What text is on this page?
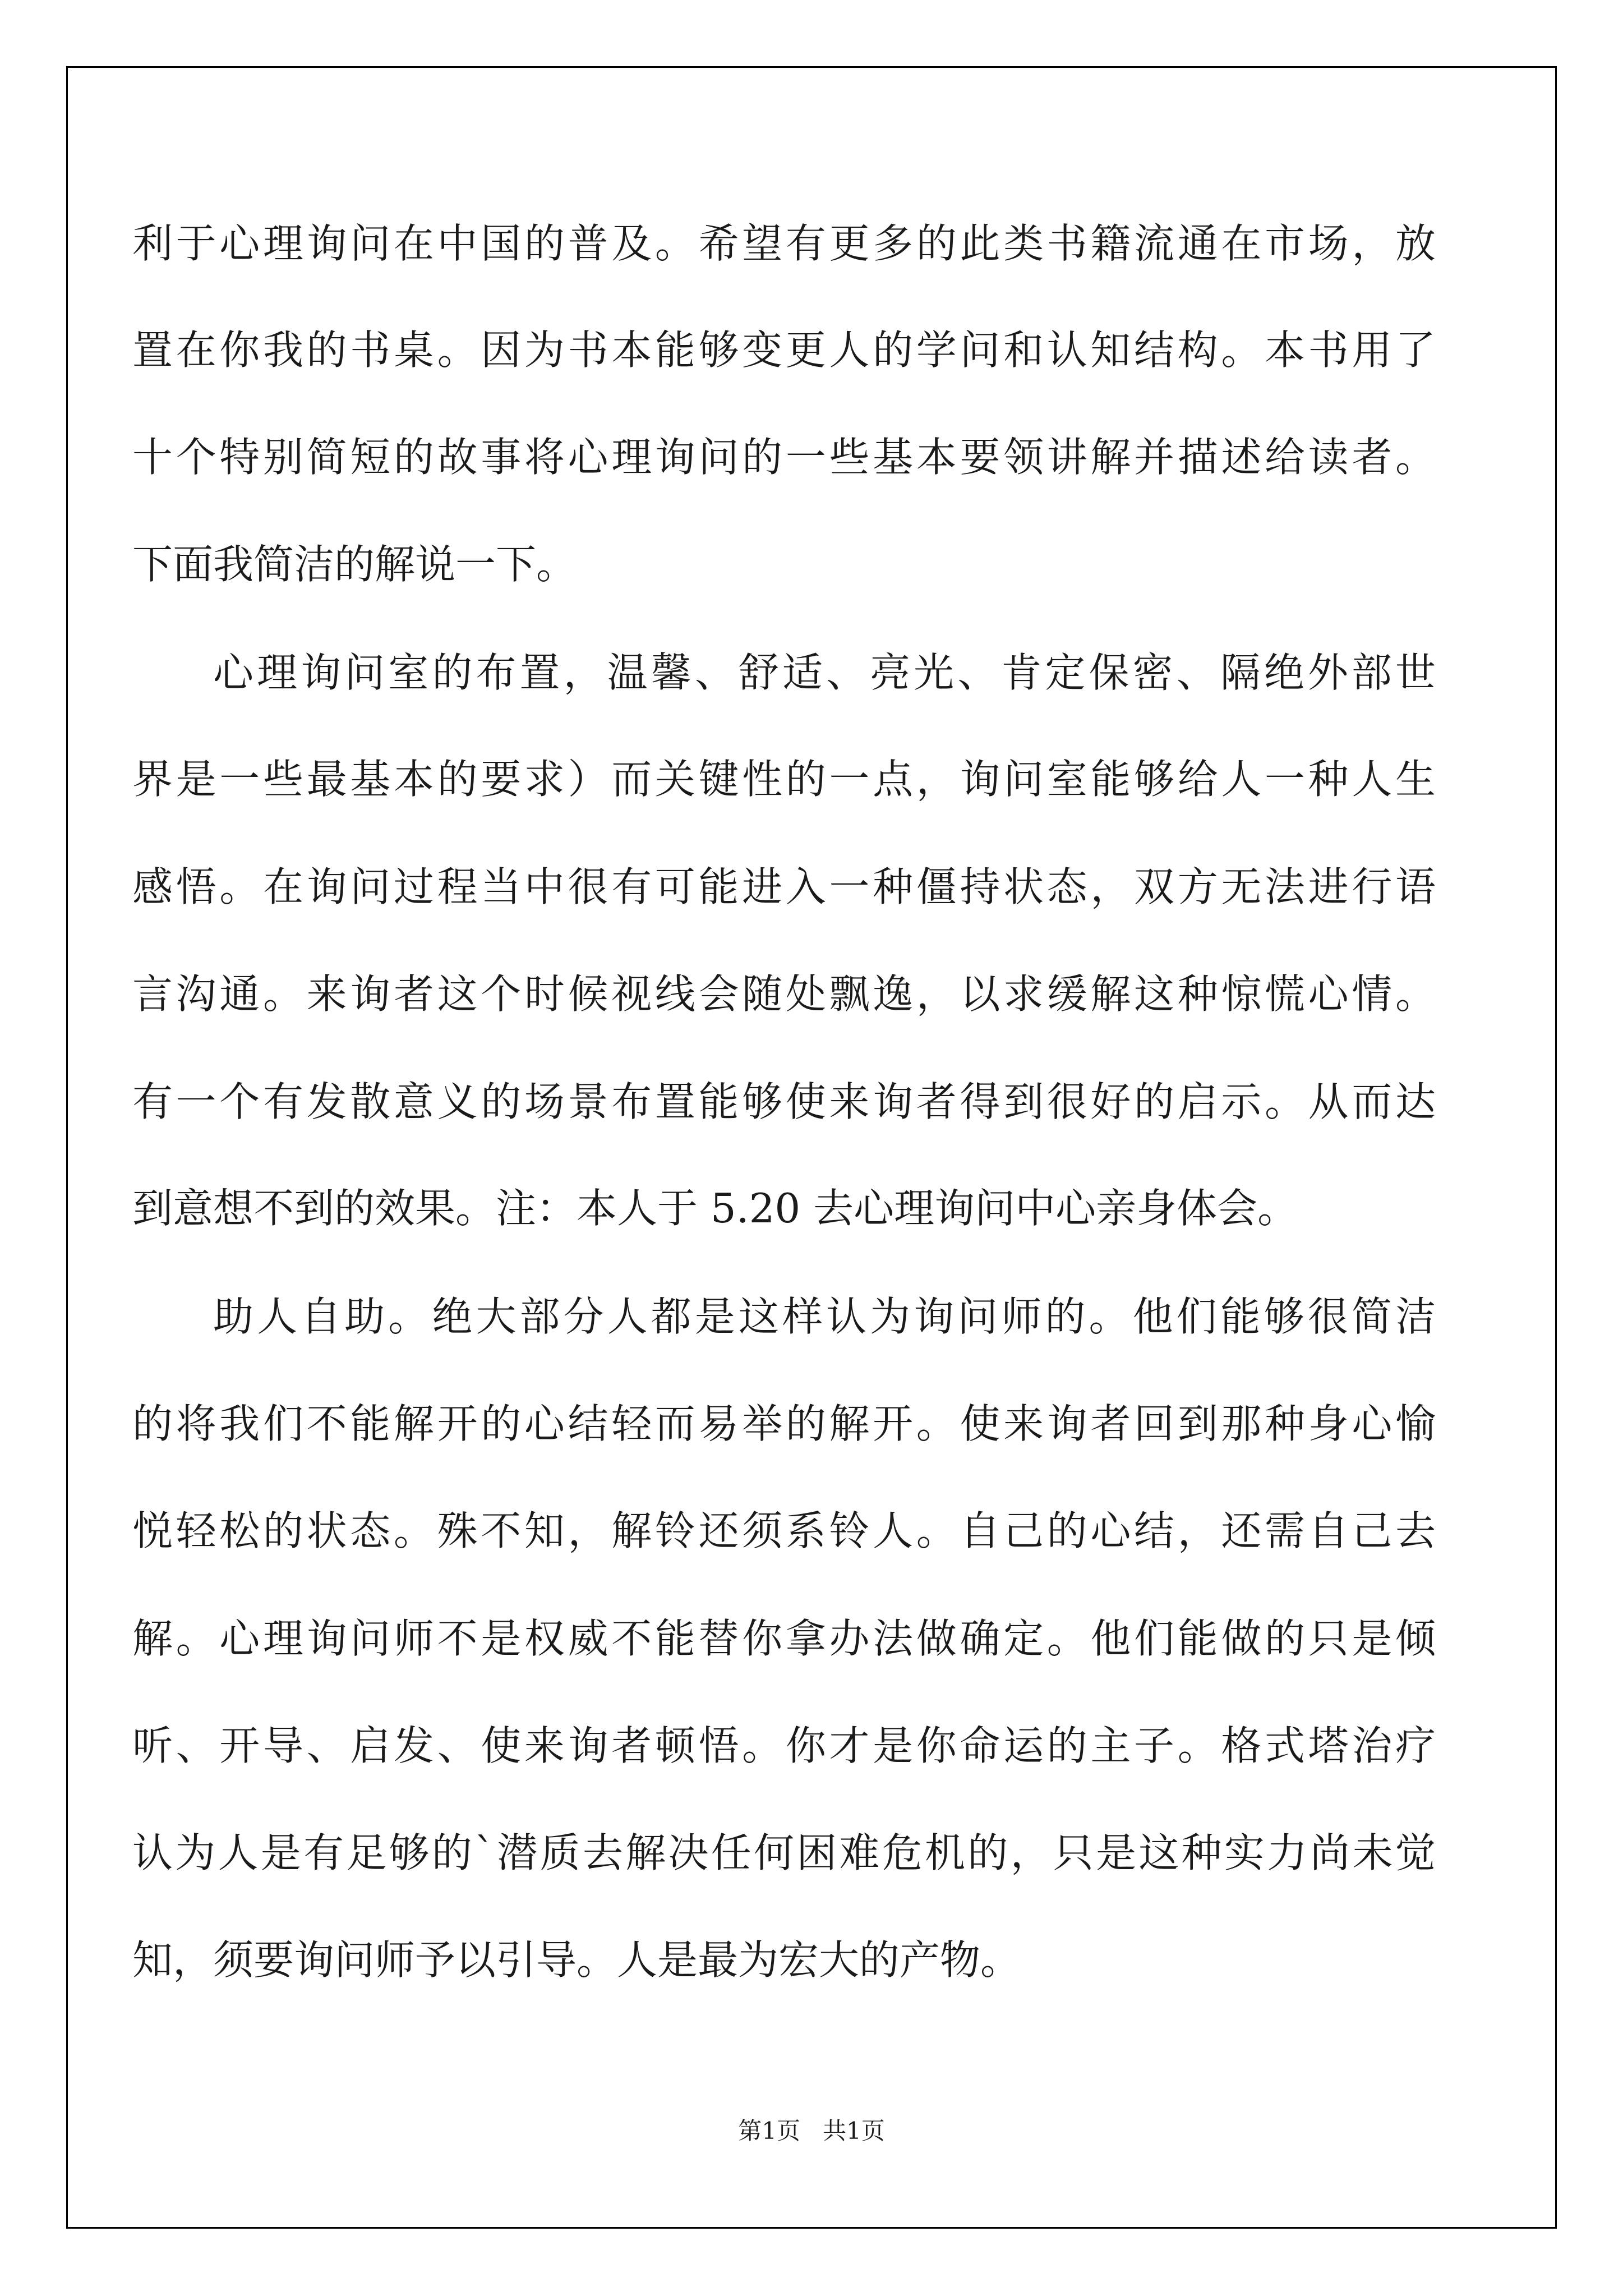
利于心理询问在中国的普及。希望有更多的此类书籍流通在市场，放
置在你我的书桌。因为书本能够变更人的学问和认知结构。本书用了
十个特别简短的故事将心理询问的一些基本要领讲解并描述给读者。
下面我简洁的解说一下。
心理询问室的布置，温馨、舒适、亮光、肯定保密、隔绝外部世
界是一些最基本的要求）而关键性的一点，询问室能够给人一种人生
感悟。在询问过程当中很有可能进入一种僵持状态，双方无法进行语
言沟通。来询者这个时候视线会随处飘逸，以求缓解这种惊慌心情。
有一个有发散意义的场景布置能够使来询者得到很好的启示。从而达
到意想不到的效果。注：本人于 5.20 去心理询问中心亲身体会。
助人自助。绝大部分人都是这样认为询问师的。他们能够很简洁
的将我们不能解开的心结轻而易举的解开。使来询者回到那种身心愉
悦轻松的状态。殊不知，解铃还须系铃人。自己的心结，还需自己去
解。心理询问师不是权威不能替你拿办法做确定。他们能做的只是倾
听、开导、启发、使来询者顿悟。你才是你命运的主子。格式塔治疗
认为人是有足够的`潜质去解决任何困难危机的，只是这种实力尚未觉
知，须要询问师予以引导。人是最为宏大的产物。
第1页   共1页
